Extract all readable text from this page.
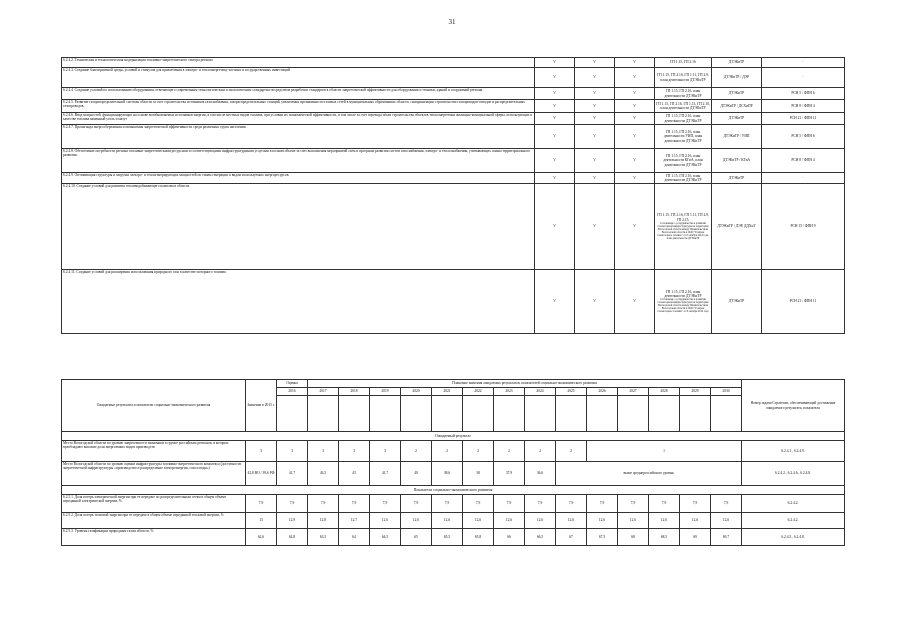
31
6.2.4.2. Техническая и технологическая модернизация топливно-энергетического сектора региона	V	V	V	ГП 1.15, ГП 2.16	ДТЭКиТР	-

6.2.4.3. Создание благоприятной среды, условий и стимулов для привлечения в электро- и теплоэнергетику частных и государственных инвестиций	V	V	V	ГП 1.15, ГП 2.16, ГП 1.11, ГП 2.9, план деятельности ДТЭКиТР	ДТЭКиТР / ДЭР	-

6.2.4.4. Создание условий по использованию оборудования, отвечающего современным технологическим и экологическим стандартам посредством разработки стандартов в области энергетической эффективности для оборудования и техники, зданий и сооружений региона.	V	V	V	ГП 1.15, ГП 2.16, план деятельности ДТЭКиТР	ДТЭКиТР	РСН 5 / ФПН 6

6.2.4.5. Развитие газораспределительной системы области за счет строительства источников газоснабжения, газораспределительных станций, увеличения протяженности газовых сетей в муниципальных образованиях области, синхронизации строительства газопроводов-отводов и распределительных газопроводов.	V	V	V	ГП 1.15, ГП 2.16, ГП 1.13, ГП 2.10, план деятельности ДТЭКиТР	ДТЭКиТР / ДСХиПР	РСН 8 / ФПН 4

6.2.4.6. Ввод мощностей, функционирующих на основе возобновляемых источников энергии, в том числе местных видов топлива, при условии их экономической эффективности, в том числе за счет перевода и/или строительства объектов теплоэнергетики жилищно-коммунальной сферы, использующих в качестве топлива каменный уголь и мазут	V	V	V	ГП 1.15, ГП 2.16, план деятельности ДТЭКиТР	ДТЭКиТР	РСН 21 / ФПН 11

6.2.4.7. Пропаганда энергосбережения и повышения энергетической эффективности среди различных групп населения.	V	V	V	ГП 1.15, ГП 2.16, план деятельности УИП, план деятельности ДТЭКиТР	ДТЭКиТР / УИП	РСН 5 / ФПН 6

6.2.4.8. Обеспечение потребности региона топливно-энергетическими ресурсами и соответствующими инфраструктурными услугами в полном объеме за счет выполнения мероприятий схем и программ развития систем газоснабжения, электро- и теплоснабжения, учитывающих планы территориального развития.	V	V	V	ГП 1.15, ГП 2.16, план деятельности КГиА, план деятельности ДТЭКиТР	ДТЭКиТР / КГиА	РСН 8 / ФПН 4

6.2.4.9. Оптимизация структуры и загрузки электро- и теплогенерирующих мощностей по типам генерации и видам используемых энергоресурсов.	V	V	V	ГП 1.15, ГП 2.16, план деятельности ДТЭКиТР	ДТЭКиТР	-

6.2.4.10. Создание условий для развития топливодобывающего комплекса области.	V	V	V	ГП 1.15, ГП 2.16, ГП 1.11, ГП 2.9, ГП 2.15,
Соглашение о сотрудничестве в развитии газомоторной инфраструктуры на территории Вологодской области между Правительством Вологодской области и ООО "Газпром газомоторное топливо" от 8 октября 2014 года, план деятельности ДТЭКиТР	ДТЭКиТР / ДЭР, ДДХиТ	РСН 15 / ФПН 9

6.2.4.11. Создание условий для расширения использования природного газа в качестве моторного топлива.	V	V	V	ГП 1.15, ГП 2.16, план деятельности ДТЭКиТР
Соглашение о сотрудничестве в развитии газомоторной инфраструктуры на территории Вологодской области между Правительством Вологодской области и ООО "Газпром газомоторное топливо" от 8 октября 2014 года	ДТЭКиТР	РСН 21 / ФПН 11
Ожидаемые результаты и показатели социально-экономического развития	Значение в 2015 г.	Оценка	Плановые значения ожидаемых результатов, показателей социально-экономического развития														Номер задачи Стратегии, обеспечивающей достижение ожидаемого результата, показателя
		2016	2017	2018	2019	2020	2021	2022	2023	2024	2025	2026	2027	2028	2029	2030	

Ожидаемый результат																	
Место Вологодской области по уровню энергоемкости экономики в группе российских регионов, в которых преобладают высокие доли энергоемких видов производств	3	3	3	3	3	2	2	2	2	2	2	1					6.2.4.1., 6.2.4.9.
Место Вологодской области по уровню оценки инфраструктуры топливно-энергетического комплекса (доступности энергетической инфраструктуры «производство и распределение электроэнергии, газа и воды»)	42,8 ВО / 39,6 РФ	41,7	43,5	43	41,7	40	38,6	38	37,9	36,6	выше среднероссийского уровня						6.2.4.2., 6.2.4.6., 6.2.4.8.
Показатели социально-экономического развития																	
6.2.5.1. Доля потерь электрической энергии при ее передаче по распределительным сетям в общем объеме переданной электрической энергии, %	7,9	7,9	7,9	7,9	7,9	7,9	7,9	7,9	7,9	7,9	7,9	7,9	7,9	7,9	7,9	7,9	6.2.4.2.
6.2.5.2. Доля потерь тепловой энергии при ее передаче в общем объеме переданной тепловой энергии, %	13	12,9	12,8	12,7	12,6	12,6	12,6	12,6	12,6	12,6	12,6	12,6	12,6	12,6	12,6	12,6	6.2.4.2.
6.2.5.3. Уровень газификации природным газом области, %	62,6	62,8	63,5	64	64,5	65	65,5	65,8	66	66,5	67	67,5	68	68,5	69	69,7	6.2.4.5., 6.2.4.8.
